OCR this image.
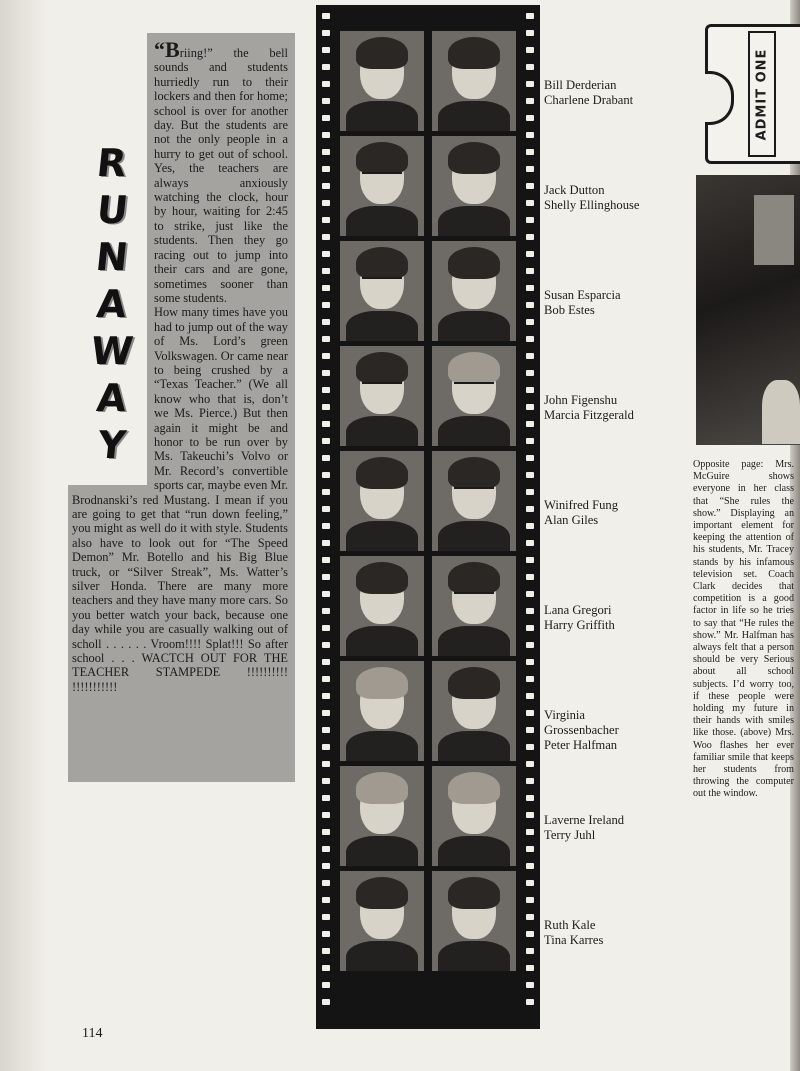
R
U
N
A
W
A
Y

“Briing!” the bell sounds and students hurriedly run to their lockers and then for home; school is over for another day. But the students are not the only people in a hurry to get out of school. Yes, the teachers are always anxiously watching the clock, hour by hour, waiting for 2:45 to strike, just like the students. Then they go racing out to jump into their cars and are gone, sometimes sooner than some students.

How many times have you had to jump out of the way of Ms. Lord’s green Volkswagen. Or came near to being crushed by a “Texas Teacher.” (We all know who that is, don’t we Ms. Pierce.) But then again it might be and honor to be run over by Ms. Takeuchi’s Volvo or Mr. Record’s convertible sports car, maybe even Mr. Brodnanski’s red Mustang. I mean if you are going to get that “run down feeling,” you might as well do it with style. Students also have to look out for “The Speed Demon” Mr. Botello and his Big Blue truck, or “Silver Streak”, Ms. Watter’s silver Honda. There are many more teachers and they have many more cars. So you better watch your back, because one day while you are casually walking out of scholl . . . . . . Vroom!!!! Splat!!! So after school . . . WACTCH OUT FOR THE TEACHER STAMPEDE !!!!!!!!!! !!!!!!!!!!!

Bill Derderian
Charlene Drabant
Jack Dutton
Shelly Ellinghouse
Susan Esparcia
Bob Estes
John Figenshu
Marcia Fitzgerald
Winifred Fung
Alan Giles
Lana Gregori
Harry Griffith
Virginia
Grossenbacher
Peter Halfman
Laverne Ireland
Terry Juhl
Ruth Kale
Tina Karres
ADMIT ONE
Opposite page: Mrs. McGuire shows everyone in her class that “She rules the show.” Displaying an important element for keeping the attention of his students, Mr. Tracey stands by his infamous television set. Coach Clark decides that competition is a good factor in life so he tries to say that “He rules the show.” Mr. Halfman has always felt that a person should be very Serious about all school subjects. I’d worry too, if these people were holding my future in their hands with smiles like those. (above) Mrs. Woo flashes her ever familiar smile that keeps her students from throwing the computer out the window.
114
